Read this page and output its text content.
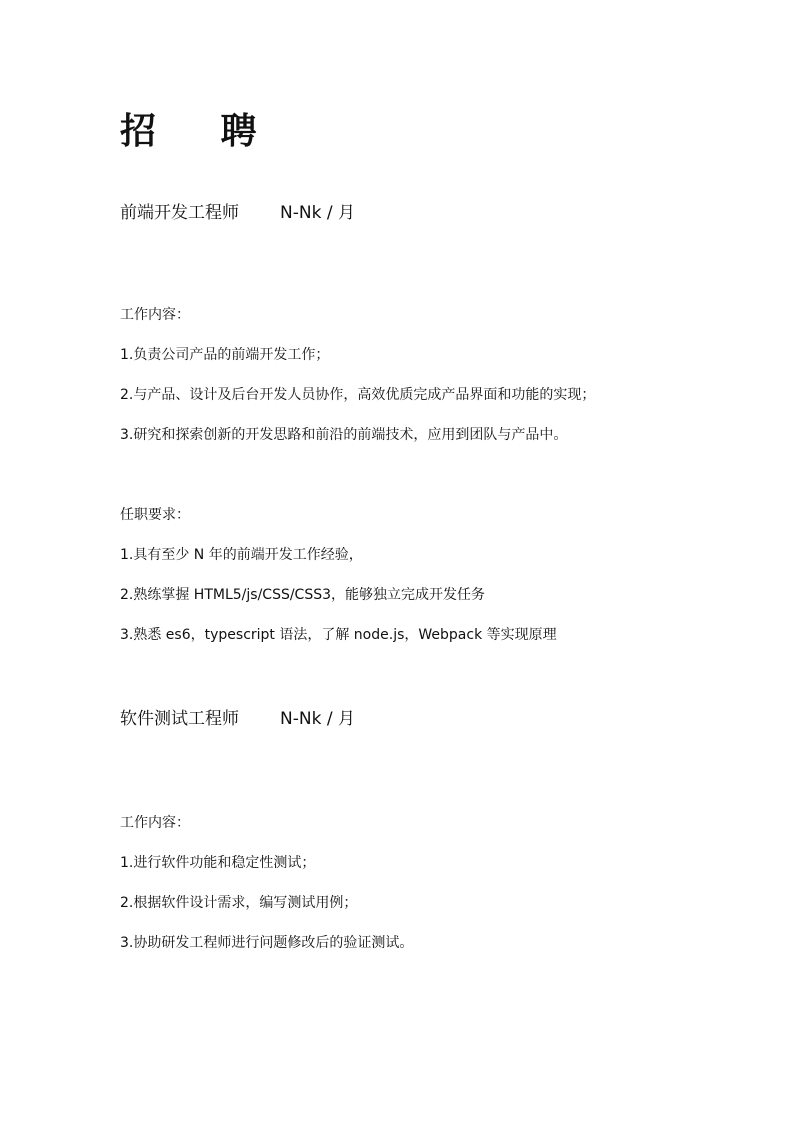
招 聘
前端开发工程师 N-Nk / 月

工作内容：

1.负责公司产品的前端开发工作；

2.与产品、设计及后台开发人员协作，高效优质完成产品界面和功能的实现；

3.研究和探索创新的开发思路和前沿的前端技术，应用到团队与产品中。

任职要求：

1.具有至少 N 年的前端开发工作经验，

2.熟练掌握 HTML5/js/CSS/CSS3，能够独立完成开发任务

3.熟悉 es6，typescript 语法，了解 node.js，Webpack 等实现原理

软件测试工程师 N-Nk / 月

工作内容：

1.进行软件功能和稳定性测试；

2.根据软件设计需求，编写测试用例；

3.协助研发工程师进行问题修改后的验证测试。
